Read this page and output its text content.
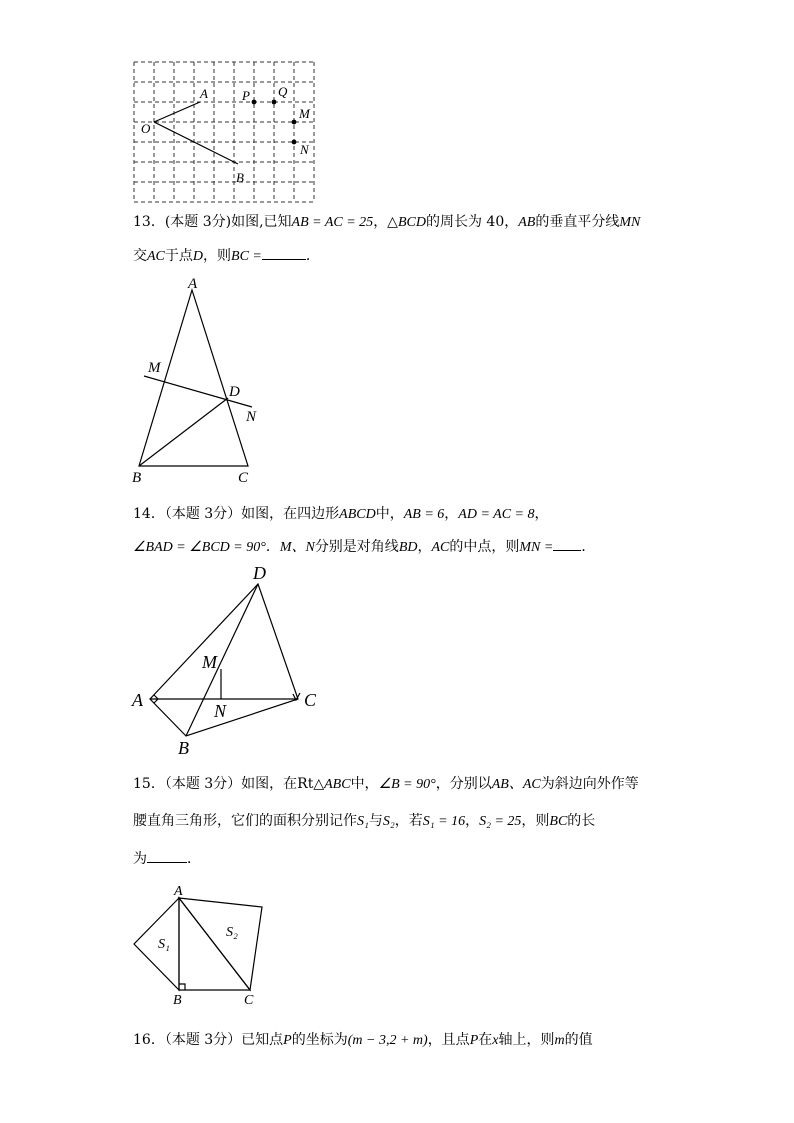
A
O
B
P Q
M
N
13．(本题 3分)如图,已知AB = AC = 25，△BCD的周长为 40，AB的垂直平分线MN
交AC于点D，则BC =	．
A
M
D
N
B	C
14．（本题 3分）如图，在四边形ABCD中，AB = 6，AD = AC = 8，
∠BAD = ∠BCD = 90°．M、N分别是对角线BD，AC的中点，则MN = ．
D
M
A
N
C
B
15．（本题 3分）如图，在Rt△ABC中，∠B = 90°，分别以AB、AC为斜边向外作等
腰直角三角形，它们的面积分别记作S₁与S₂，若S₁ = 16，S₂ = 25，则BC的长
为	．
A
S₁
S₂
B	C
16．（本题 3分）已知点P的坐标为(m − 3,2 + m)，且点P在x轴上，则m的值
